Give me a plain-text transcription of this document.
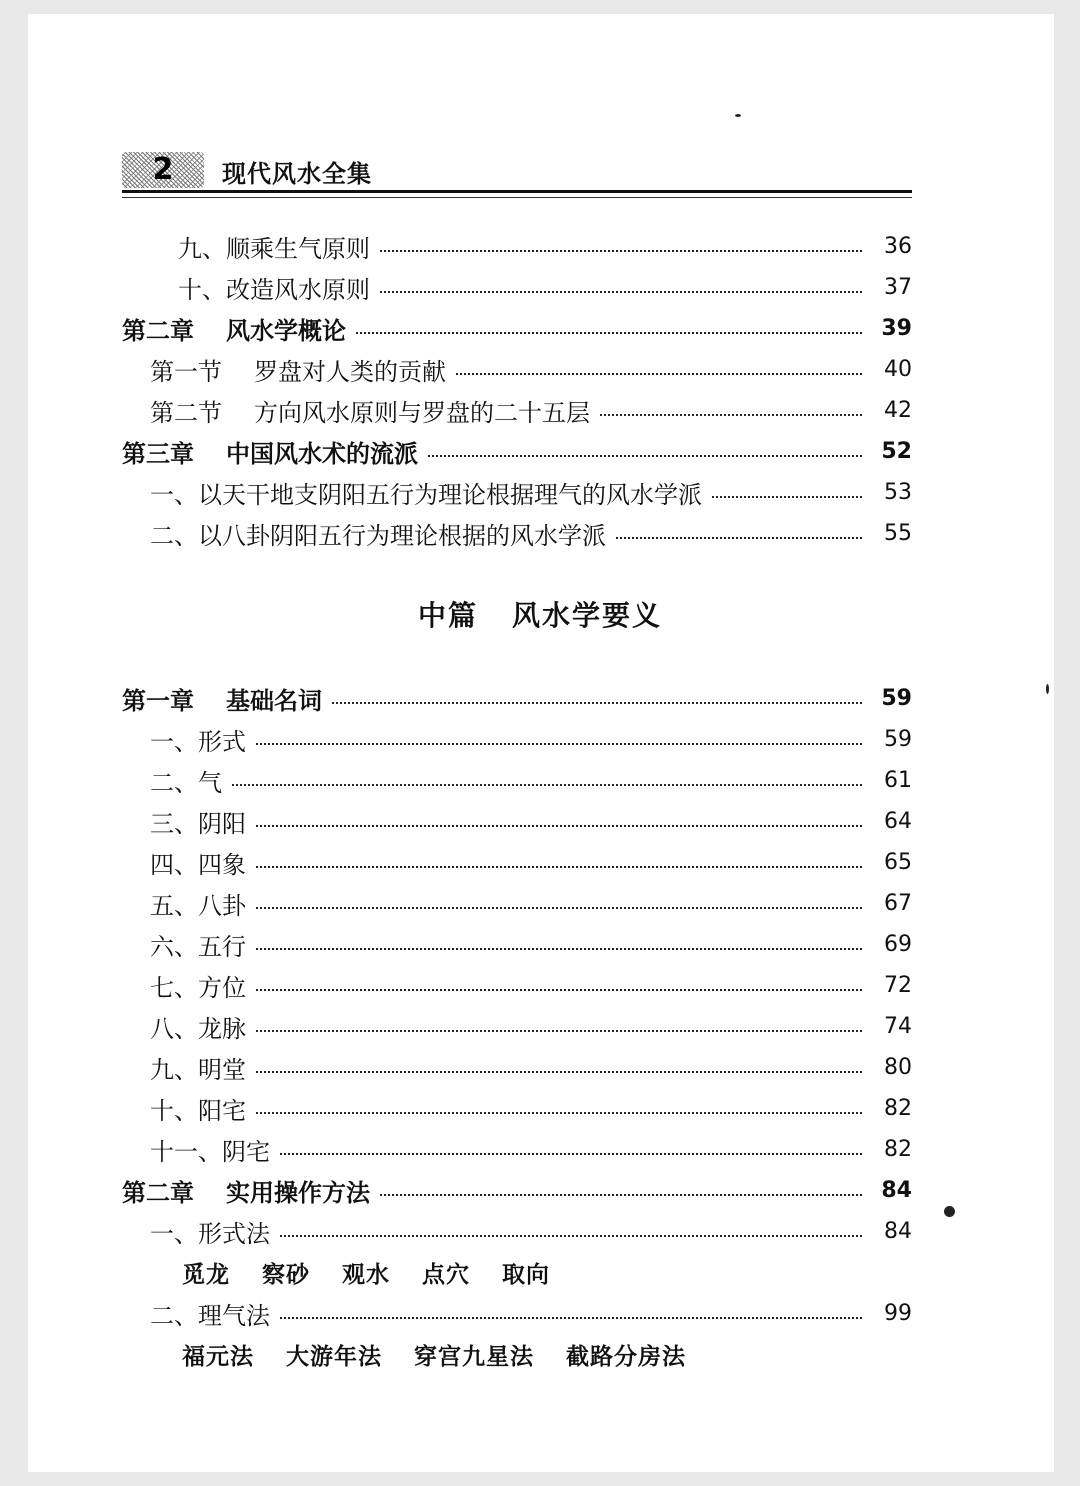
2 现代风水全集
九、顺乘生气原则	36
十、改造风水原则	37
第二章 风水学概论	39
第一节 罗盘对人类的贡献	40
第二节 方向风水原则与罗盘的二十五层	42
第三章 中国风水术的流派	52
一、以天干地支阴阳五行为理论根据理气的风水学派	53
二、以八卦阴阳五行为理论根据的风水学派	55
中篇 风水学要义
第一章 基础名词	59
一、形式	59
二、气	61
三、阴阳	64
四、四象	65
五、八卦	67
六、五行	69
七、方位	72
八、龙脉	74
九、明堂	80
十、阳宅	82
十一、阴宅	82
第二章 实用操作方法	84
一、形式法	84
觅龙 察砂 观水 点穴 取向
二、理气法	99
福元法 大游年法 穿宫九星法 截路分房法
